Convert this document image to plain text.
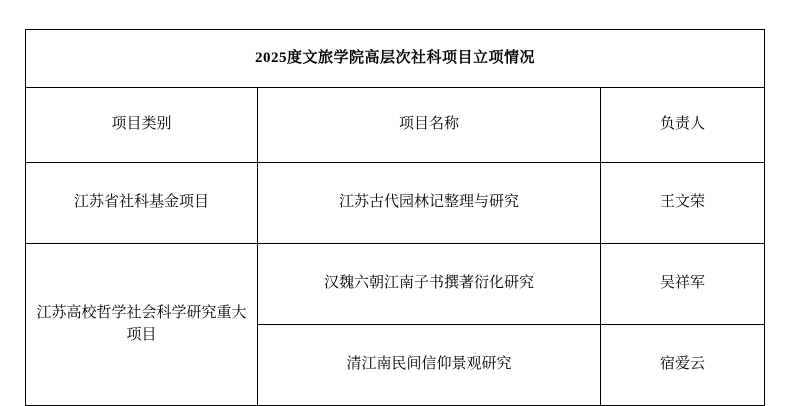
2025度文旅学院高层次社科项目立项情况		
项目类别	项目名称	负责人
江苏省社科基金项目	江苏古代园林记整理与研究	王文荣
江苏高校哲学社会科学研究重大项目	汉魏六朝江南子书撰著衍化研究	吴祥军
	清江南民间信仰景观研究	宿爱云
